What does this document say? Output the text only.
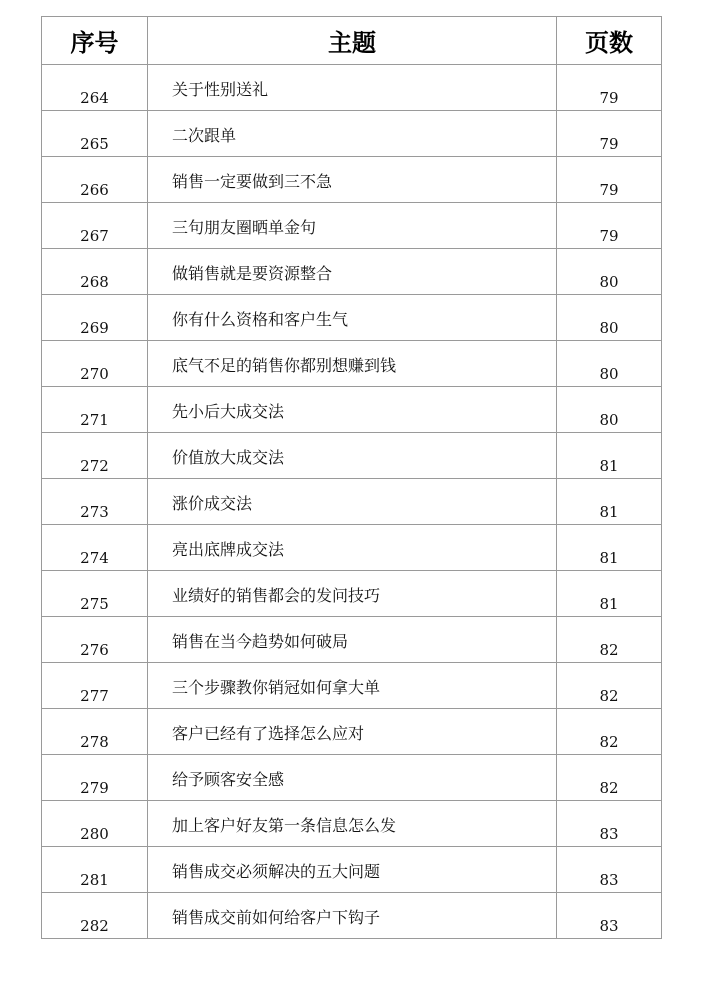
序号	主题	页数
264	关于性别送礼	79
265	二次跟单	79
266	销售一定要做到三不急	79
267	三句朋友圈晒单金句	79
268	做销售就是要资源整合	80
269	你有什么资格和客户生气	80
270	底气不足的销售你都别想赚到钱	80
271	先小后大成交法	80
272	价值放大成交法	81
273	涨价成交法	81
274	亮出底牌成交法	81
275	业绩好的销售都会的发问技巧	81
276	销售在当今趋势如何破局	82
277	三个步骤教你销冠如何拿大单	82
278	客户已经有了选择怎么应对	82
279	给予顾客安全感	82
280	加上客户好友第一条信息怎么发	83
281	销售成交必须解决的五大问题	83
282	销售成交前如何给客户下钩子	83
